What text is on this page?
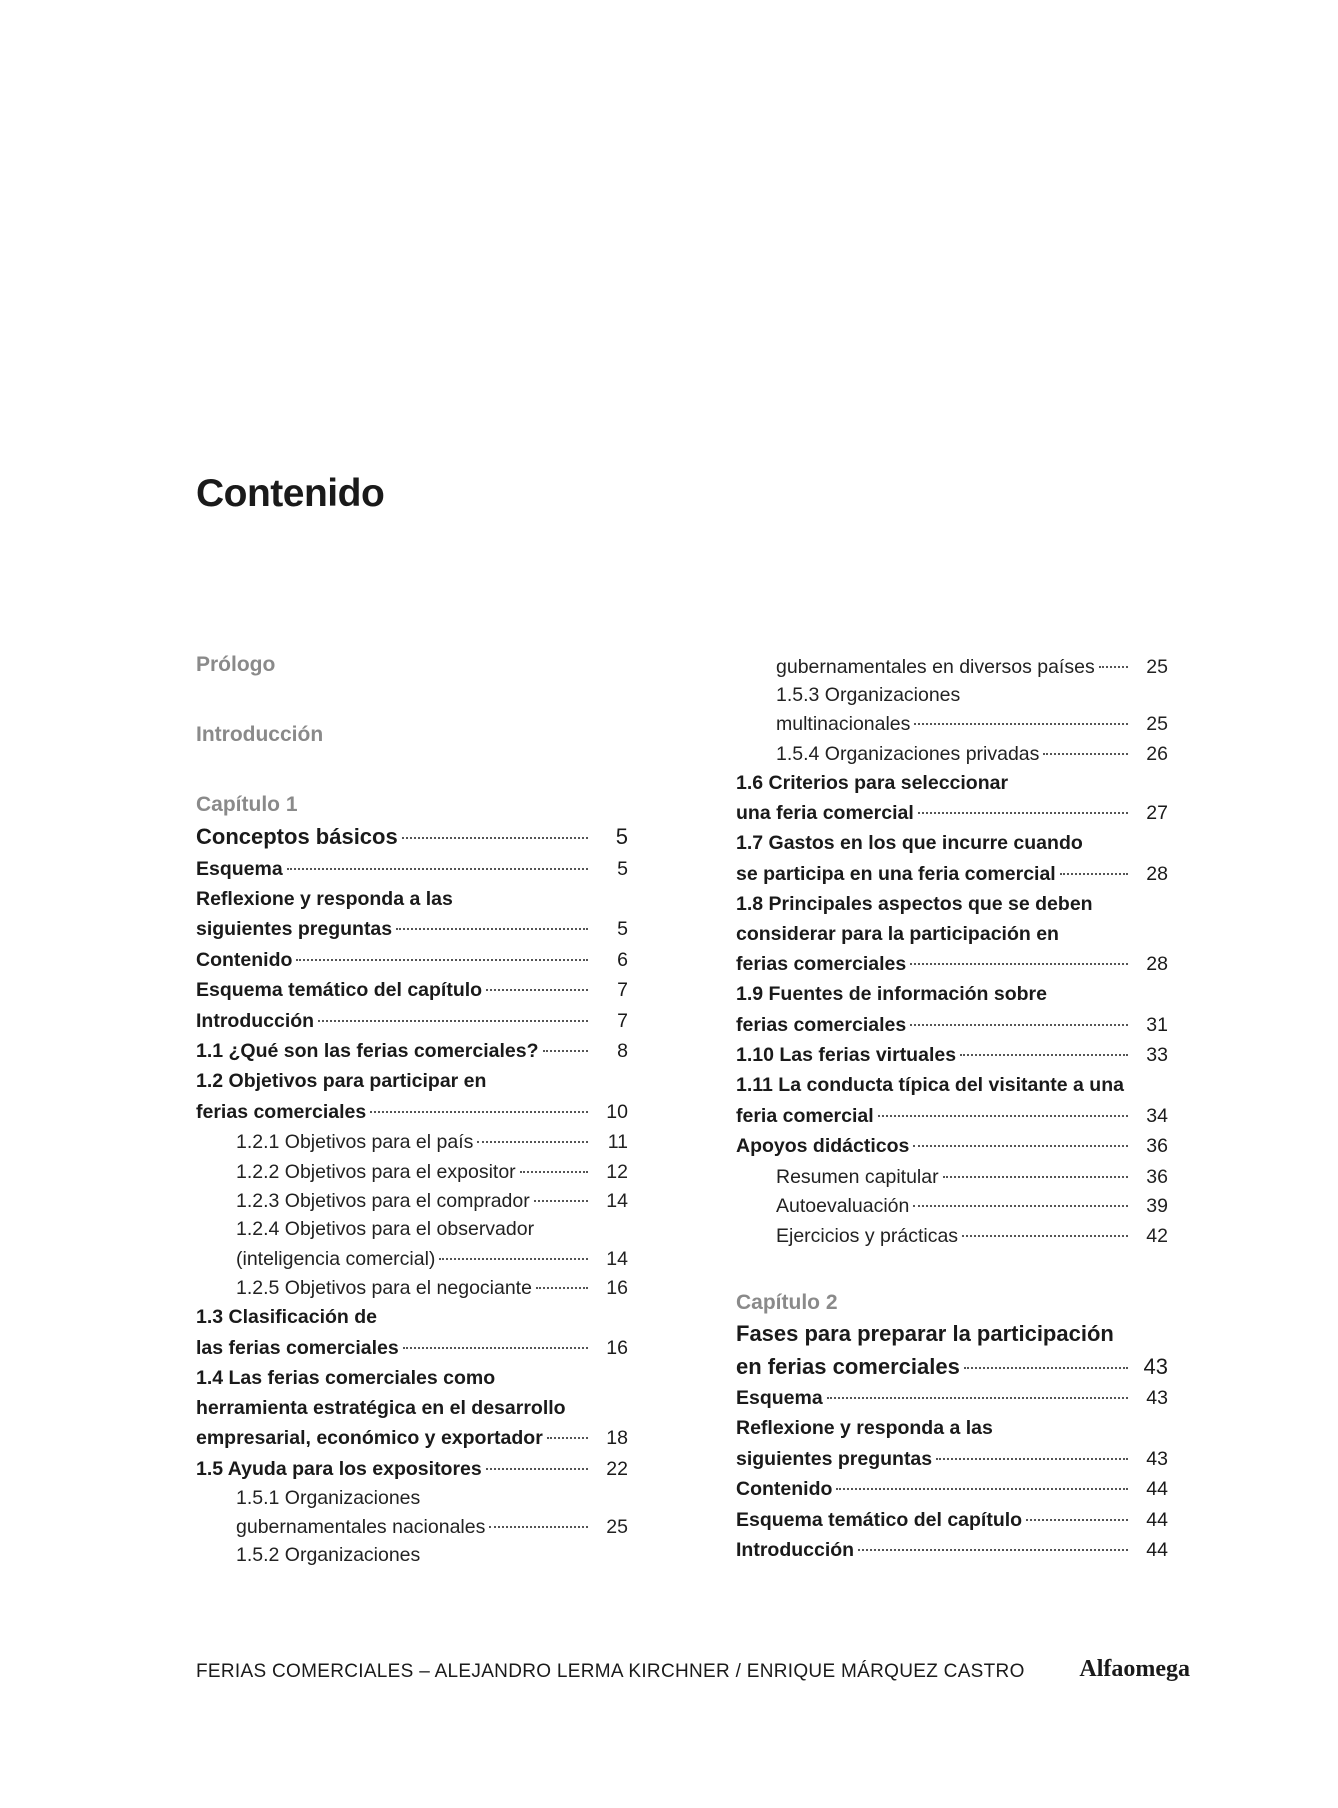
Contenido
Prólogo
Introducción
Capítulo 1
Conceptos básicos	5
Esquema	5
Reflexione y responda a las
siguientes preguntas	5
Contenido	6
Esquema temático del capítulo	7
Introducción	7
1.1 ¿Qué son las ferias comerciales?	8
1.2 Objetivos para participar en
ferias comerciales	10
1.2.1 Objetivos para el país	11
1.2.2 Objetivos para el expositor	12
1.2.3 Objetivos para el comprador	14
1.2.4 Objetivos para el observador
(inteligencia comercial)	14
1.2.5 Objetivos para el negociante	16
1.3 Clasificación de
las ferias comerciales	16
1.4 Las ferias comerciales como
herramienta estratégica en el desarrollo
empresarial, económico y exportador	18
1.5 Ayuda para los expositores	22
1.5.1 Organizaciones
gubernamentales nacionales	25
1.5.2 Organizaciones
gubernamentales en diversos países	25
1.5.3 Organizaciones
multinacionales	25
1.5.4 Organizaciones privadas	26
1.6 Criterios para seleccionar
una feria comercial	27
1.7 Gastos en los que incurre cuando
se participa en una feria comercial	28
1.8 Principales aspectos que se deben
considerar para la participación en
ferias comerciales	28
1.9 Fuentes de información sobre
ferias comerciales	31
1.10 Las ferias virtuales	33
1.11 La conducta típica del visitante a una
feria comercial	34
Apoyos didácticos	36
Resumen capitular	36
Autoevaluación	39
Ejercicios y prácticas	42
Capítulo 2
Fases para preparar la participación
en ferias comerciales	43
Esquema	43
Reflexione y responda a las
siguientes preguntas	43
Contenido	44
Esquema temático del capítulo	44
Introducción	44
FERIAS COMERCIALES – ALEJANDRO LERMA KIRCHNER / ENRIQUE MÁRQUEZ CASTRO Alfaomega
